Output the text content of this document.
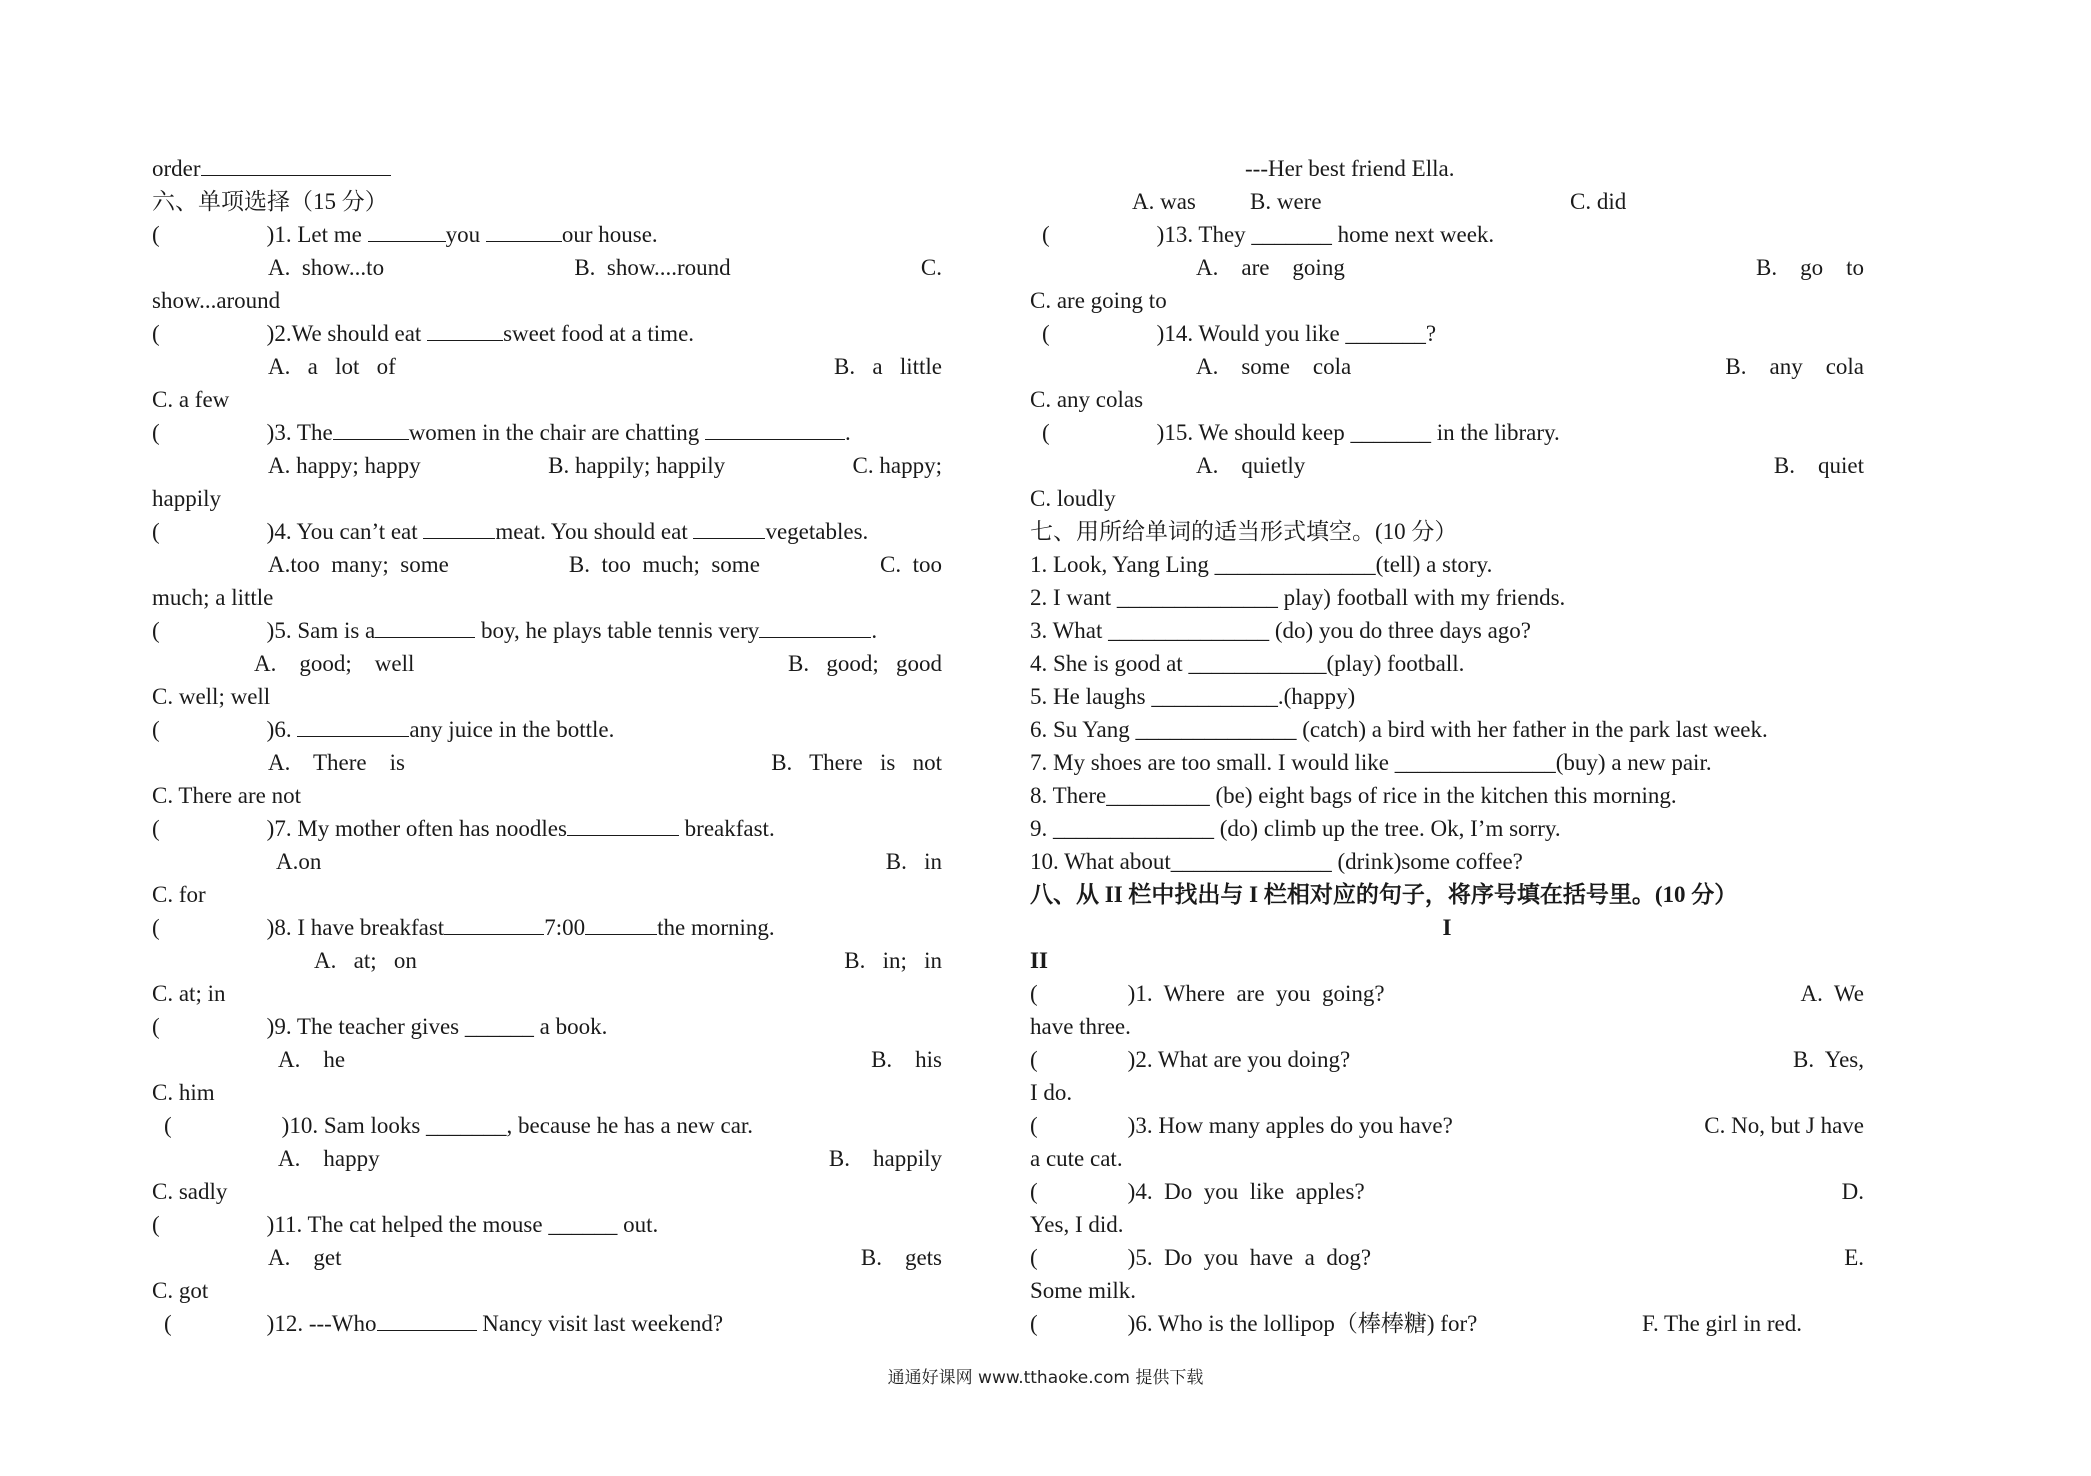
order
六、单项选择（15 分）
(	)1. Let me	you	our house.
A.  show...to	B.  show....round	C.
show...around
(	)2.We should eat	sweet food at a time.
A.   a   lot   of	B.   a   little
C. a few
(	)3. The	women in the chair are chatting	.
A. happy; happy	B. happily; happily	C. happy;
happily
(	)4. You can’t eat	meat. You should eat	vegetables.
A.too  many;  some	B.  too  much;  some	C.  too
much; a little
(	)5. Sam is a	boy, he plays table tennis very	.
A.    good;    well	B.   good;   good
C. well; well
(	)6.	any juice in the bottle.
A.    There    is	B.   There   is   not
C. There are not
(	)7. My mother often has noodles	breakfast.
A.on	B.   in
C. for
(	)8. I have breakfast	7:00	the morning.
A.   at;   on	B.   in;   in
C. at; in
(	)9. The teacher gives ______ a book.
A.    he	B.    his
C. him
(	)10. Sam looks _______, because he has a new car.
A.    happy	B.    happily
C. sadly
(	)11. The cat helped the mouse ______ out.
A.    get	B.    gets
C. got
(	)12. ---Who	Nancy visit last weekend?
---Her best friend Ella.
A. was B. were	C. did
(	)13. They _______ home next week.
A.    are    going	B.    go    to
C. are going to
(	)14. Would you like _______?
A.    some    cola	B.    any    cola
C. any colas
(	)15. We should keep _______ in the library.
A.    quietly	B.    quiet
C. loudly
七、用所给单词的适当形式填空。(10 分）
1. Look, Yang Ling ______________(tell) a story.
2. I want ______________ play) football with my friends.
3. What ______________ (do) you do three days ago?
4. She is good at ____________(play) football.
5. He laughs ___________.(happy)
6. Su Yang ______________ (catch) a bird with her father in the park last week.
7. My shoes are too small. I would like ______________(buy) a new pair.
8. There_________ (be) eight bags of rice in the kitchen this morning.
9. ______________ (do) climb up the tree. Ok, I’m sorry.
10. What about______________ (drink)some coffee?
八、从 II 栏中找出与 I 栏相对应的句子，将序号填在括号里。(10 分）
I
II
(	)1.  Where  are  you  going?	A.  We
have three.
(	)2. What are you doing?	B.  Yes,
I do.
(	)3. How many apples do you have?	C. No, but J have
a cute cat.
(	)4.  Do  you  like  apples?	D.
Yes, I did.
(	)5.  Do  you  have  a  dog?	E.
Some milk.
(	)6. Who is the lollipop（棒棒糖) for?	F. The girl in red.
通通好课网 www.tthaoke.com 提供下载
